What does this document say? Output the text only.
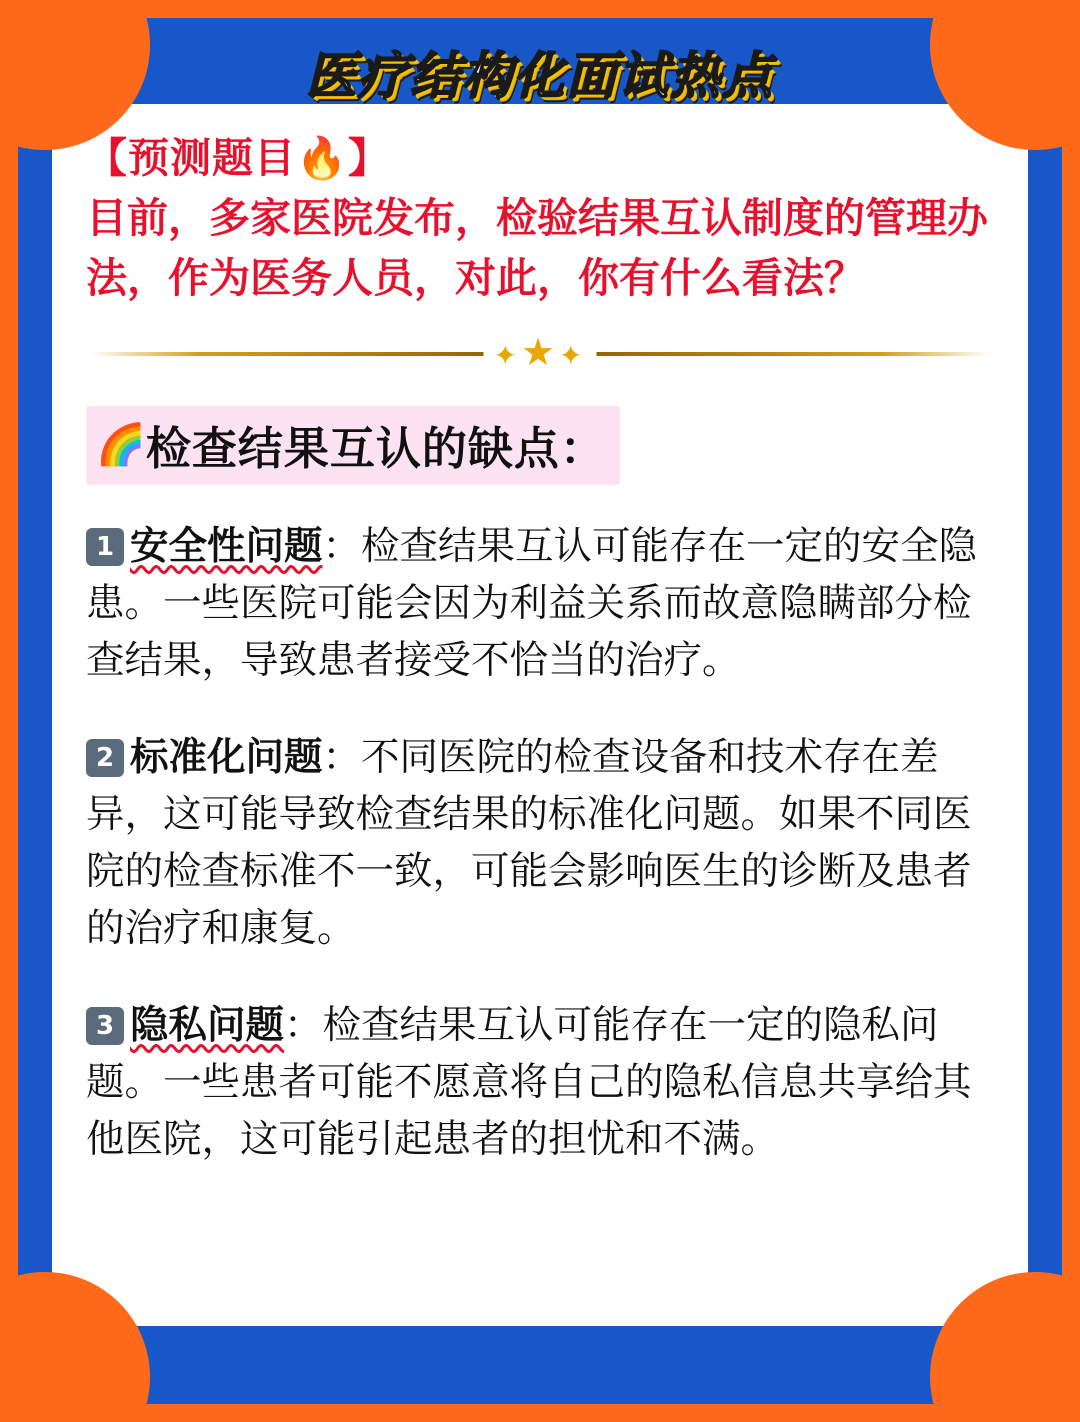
医疗结构化面试热点
【预测题目🔥】
目前，多家医院发布，检验结果互认制度的管理办法，作为医务人员，对此，你有什么看法？
✦★✦
🌈检查结果互认的缺点：
1 安全性问题：检查结果互认可能存在一定的安全隐患。一些医院可能会因为利益关系而故意隐瞒部分检查结果，导致患者接受不恰当的治疗。
2 标准化问题：不同医院的检查设备和技术存在差异，这可能导致检查结果的标准化问题。如果不同医院的检查标准不一致，可能会影响医生的诊断及患者的治疗和康复。
3 隐私问题：检查结果互认可能存在一定的隐私问题。一些患者可能不愿意将自己的隐私信息共享给其他医院，这可能引起患者的担忧和不满。
